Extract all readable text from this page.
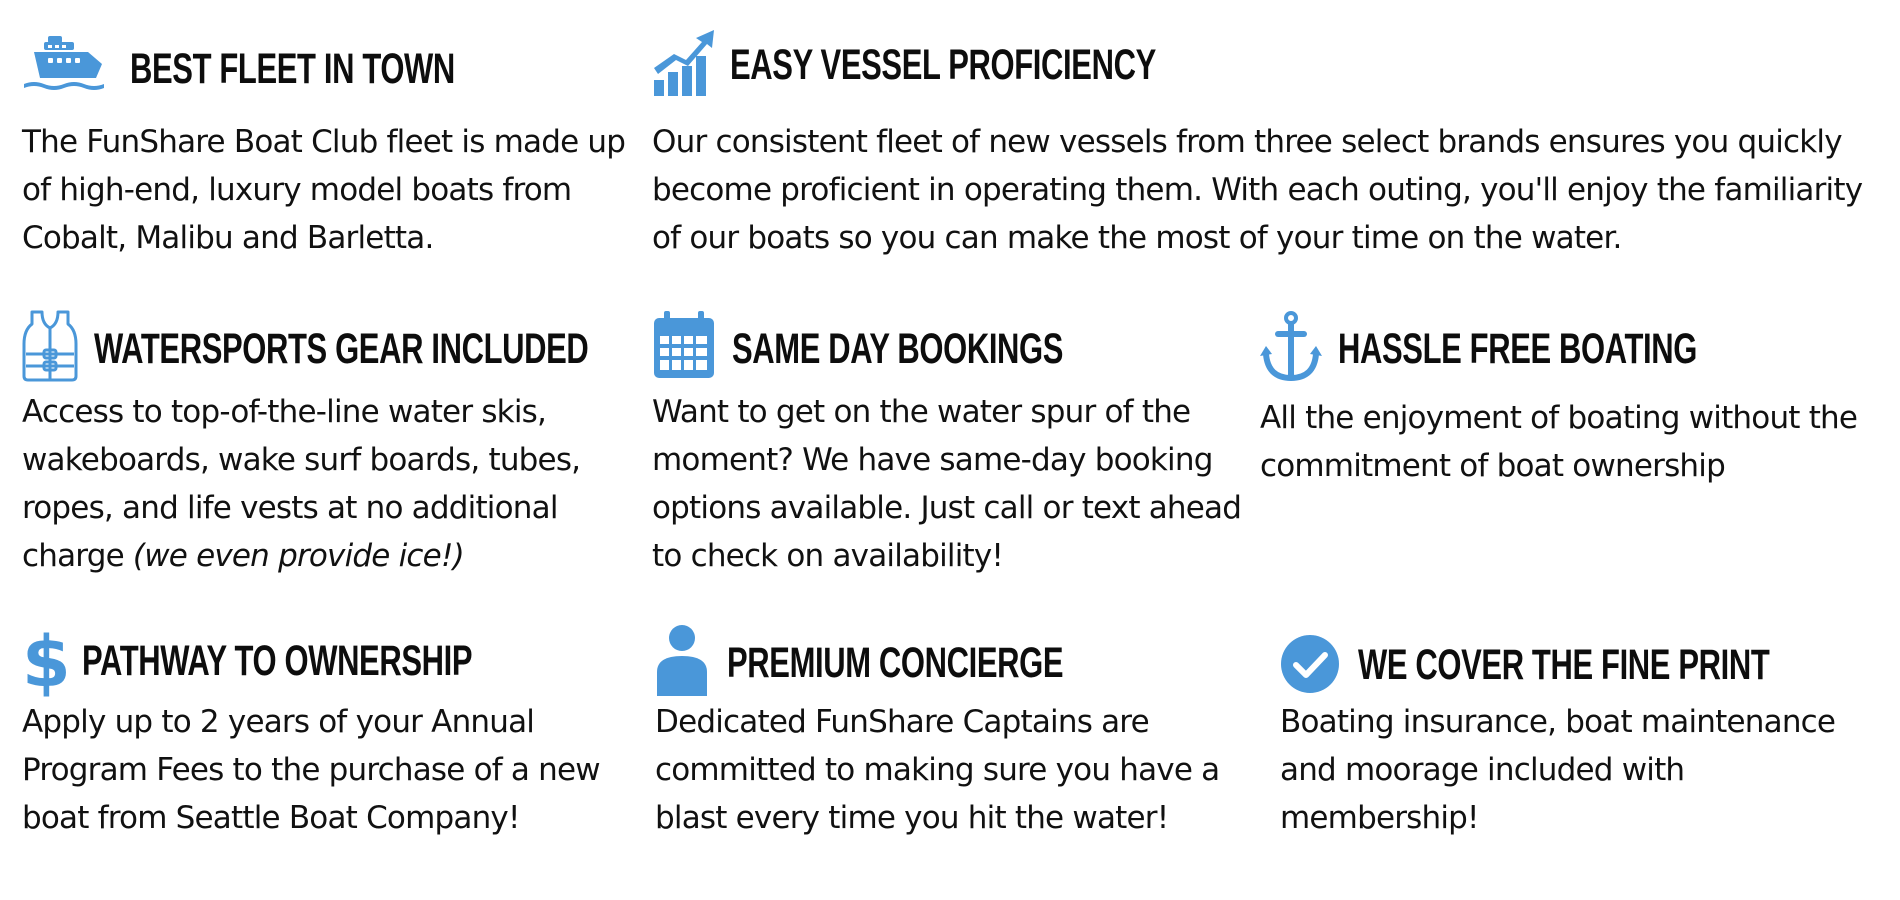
BEST FLEET IN TOWN

The FunShare Boat Club fleet is made up of high-end, luxury model boats from Cobalt, Malibu and Barletta.

EASY VESSEL PROFICIENCY

Our consistent fleet of new vessels from three select brands ensures you quickly become proficient in operating them. With each outing, you'll enjoy the familiarity of our boats so you can make the most of your time on the water.

WATERSPORTS GEAR INCLUDED

Access to top-of-the-line water skis, wakeboards, wake surf boards, tubes, ropes, and life vests at no additional charge (we even provide ice!)

SAME DAY BOOKINGS

Want to get on the water spur of the moment? We have same-day booking options available. Just call or text ahead to check on availability!

HASSLE FREE BOATING

All the enjoyment of boating without the commitment of boat ownership

$ PATHWAY TO OWNERSHIP

Apply up to 2 years of your Annual Program Fees to the purchase of a new boat from Seattle Boat Company!

PREMIUM CONCIERGE

Dedicated FunShare Captains are committed to making sure you have a blast every time you hit the water!

WE COVER THE FINE PRINT

Boating insurance, boat maintenance and moorage included with membership!
